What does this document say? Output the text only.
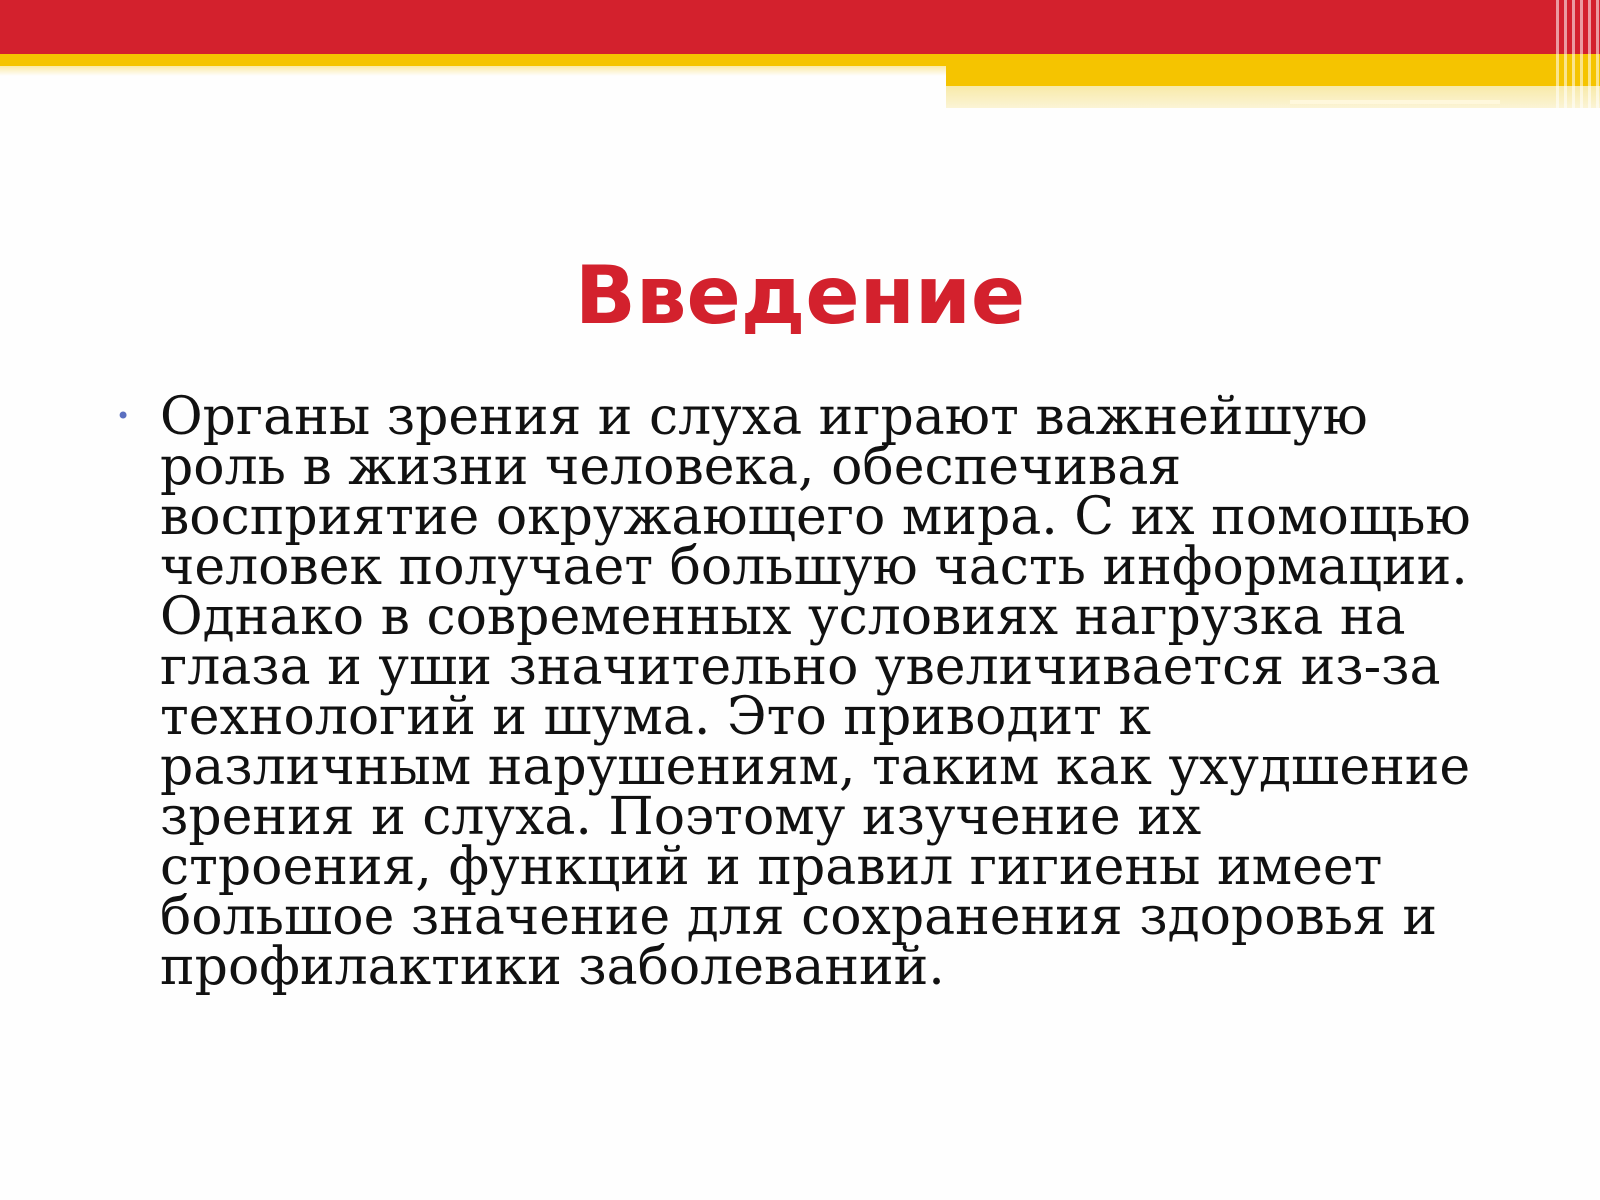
Введение
• Органы зрения и слуха играют важнейшую роль в жизни человека, обеспечивая восприятие окружающего мира. С их помощью человек получает большую часть информации. Однако в современных условиях нагрузка на глаза и уши значительно увеличивается из-за технологий и шума. Это приводит к различным нарушениям, таким как ухудшение зрения и слуха. Поэтому изучение их строения, функций и правил гигиены имеет большое значение для сохранения здоровья и профилактики заболеваний.
